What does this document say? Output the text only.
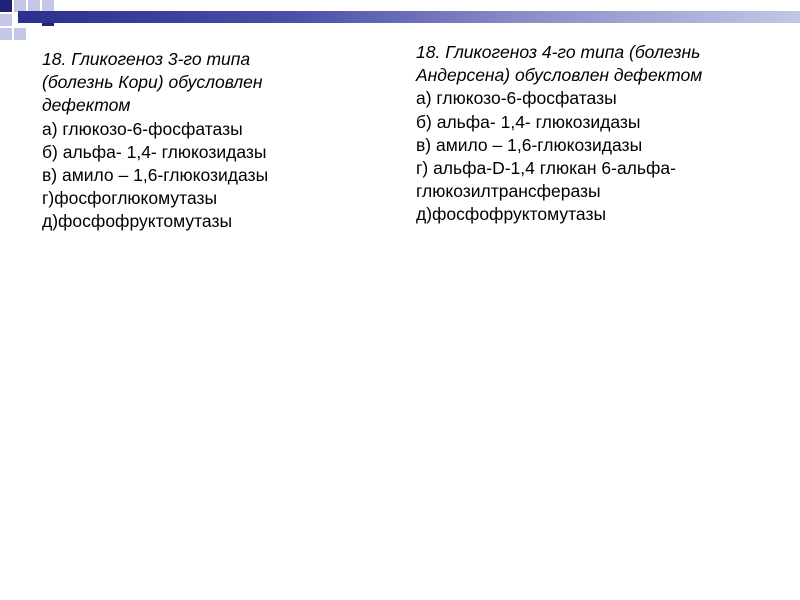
18. Гликогеноз 3-го типа
(болезнь Кори) обусловлен
дефектом
а) глюкозо-6-фосфатазы
б) альфа- 1,4- глюкозидазы
в) амило – 1,6-глюкозидазы
г)фосфоглюкомутазы
д)фосфофруктомутазы
18. Гликогеноз 4-го типа (болезнь
Андерсена) обусловлен дефектом
а) глюкозо-6-фосфатазы
б) альфа- 1,4- глюкозидазы
в) амило – 1,6-глюкозидазы
г) альфа-D-1,4 глюкан 6-альфа-
глюкозилтрансферазы
д)фосфофруктомутазы
